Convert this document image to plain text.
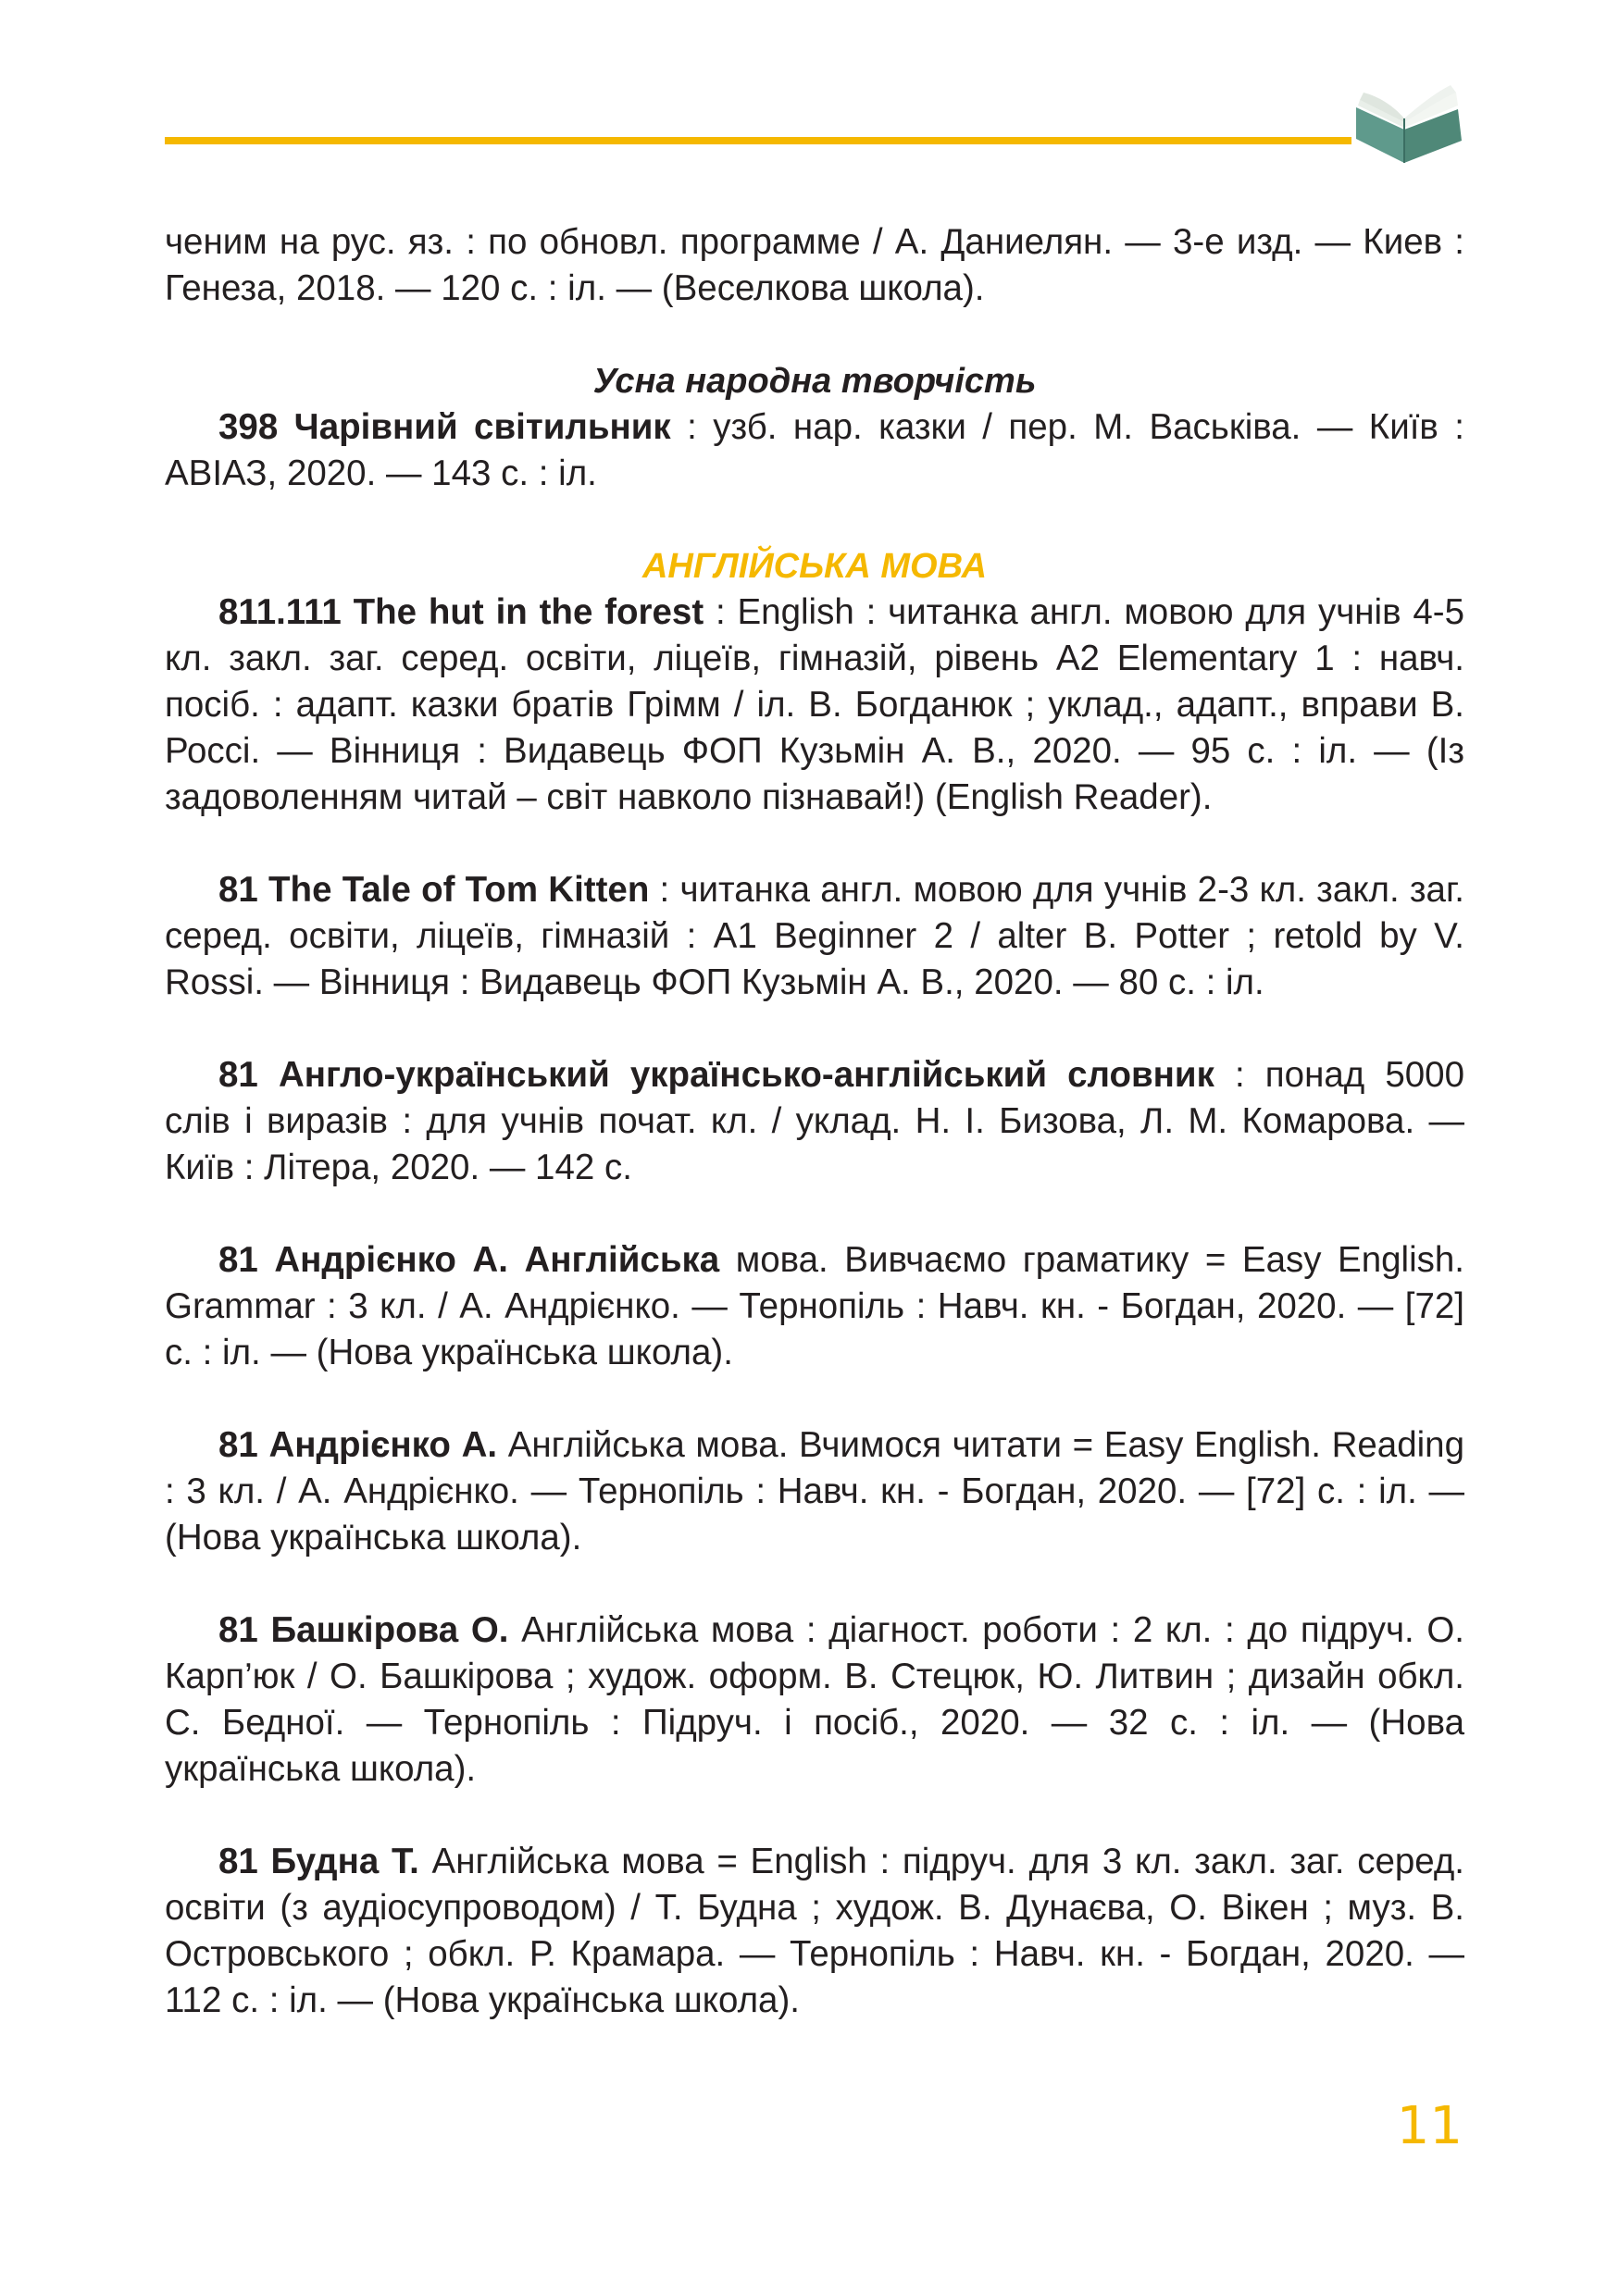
ченим на рус. яз. : по обновл. программе / А. Даниелян. — 3-е изд. — Киев : Генеза, 2018. — 120 с. : іл. — (Веселкова школа).

Усна народна творчість

398 Чарівний світильник : узб. нар. казки / пер. М. Васьківа. — Київ : АВІАЗ, 2020. — 143 с. : іл.

АНГЛІЙСЬКА МОВА

811.111 The hut in the forest : English : читанка англ. мовою для учнів 4-5 кл. закл. заг. серед. освіти, ліцеїв, гімназій, рівень А2 Elementary 1 : навч. посіб. : адапт. казки братів Грімм / іл. В. Богданюк ; уклад., адапт., вправи В. Россі. — Вінниця : Видавець ФОП Кузьмін А. В., 2020. — 95 с. : іл. — (Із задоволенням читай – світ навколо пізнавай!) (English Reader).

81 The Tale of Tom Kitten : читанка англ. мовою для учнів 2-3 кл. закл. заг. серед. освіти, ліцеїв, гімназій : А1 Beginner 2 / alter B. Potter ; retold by V. Rossi. — Вінниця : Видавець ФОП Кузьмін А. В., 2020. — 80 с. : іл.

81 Англо-український українсько-англійський словник : понад 5000 слів і виразів : для учнів почат. кл. / уклад. Н. І. Бизова, Л. М. Комарова. — Київ : Літера, 2020. — 142 с.

81 Андрієнко А. Англійська мова. Вивчаємо граматику = Easy English. Grammar : 3 кл. / А. Андрієнко. — Тернопіль : Навч. кн. - Богдан, 2020. — [72] с. : іл. — (Нова українська школа).

81 Андрієнко А. Англійська мова. Вчимося читати = Easy English. Reading : 3 кл. / А. Андрієнко. — Тернопіль : Навч. кн. - Богдан, 2020. — [72] с. : іл. — (Нова українська школа).

81 Башкірова О. Англійська мова : діагност. роботи : 2 кл. : до підруч. О. Карп’юк / О. Башкірова ; худож. оформ. В. Стецюк, Ю. Литвин ; дизайн обкл. С. Бедної. — Тернопіль : Підруч. і посіб., 2020. — 32 с. : іл. — (Нова українська школа).

81 Будна Т. Англійська мова = English : підруч. для 3 кл. закл. заг. серед. освіти (з аудіосупроводом) / Т. Будна ; худож. В. Дунаєва, О. Вікен ; муз. В. Островського ; обкл. Р. Крамара. — Тернопіль : Навч. кн. - Богдан, 2020. — 112 с. : іл. — (Нова українська школа).

11
